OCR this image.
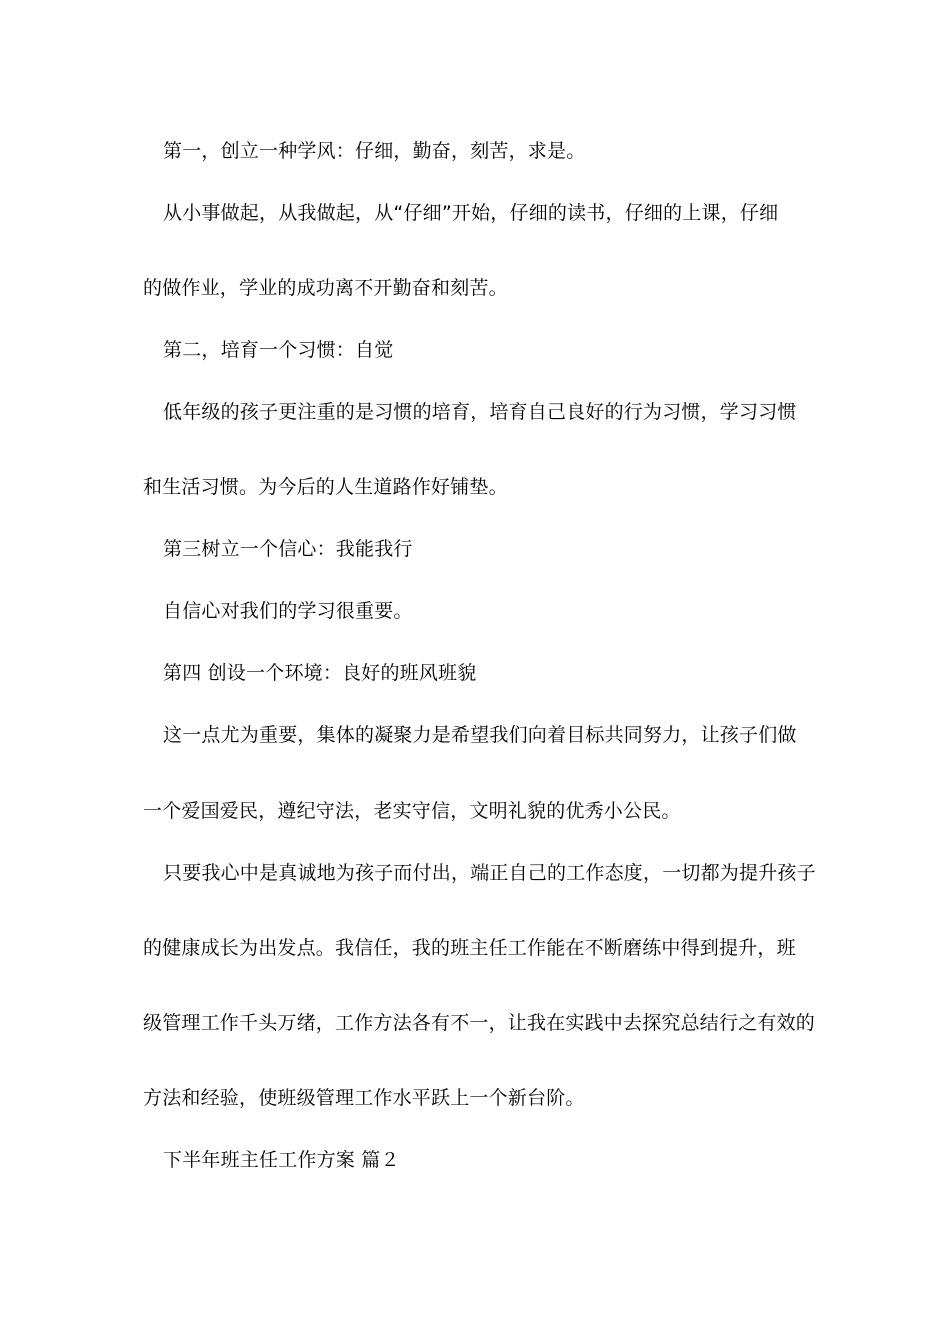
第一，创立一种学风：仔细，勤奋，刻苦，求是。
从小事做起，从我做起，从“仔细”开始，仔细的读书，仔细的上课，仔细
的做作业，学业的成功离不开勤奋和刻苦。
第二，培育一个习惯：自觉
低年级的孩子更注重的是习惯的培育，培育自己良好的行为习惯，学习习惯
和生活习惯。为今后的人生道路作好铺垫。
第三树立一个信心：我能我行
自信心对我们的学习很重要。
第四 创设一个环境：良好的班风班貌
这一点尤为重要，集体的凝聚力是希望我们向着目标共同努力，让孩子们做
一个爱国爱民，遵纪守法，老实守信，文明礼貌的优秀小公民。
只要我心中是真诚地为孩子而付出，端正自己的工作态度，一切都为提升孩子
的健康成长为出发点。我信任，我的班主任工作能在不断磨练中得到提升，班
级管理工作千头万绪，工作方法各有不一，让我在实践中去探究总结行之有效的
方法和经验，使班级管理工作水平跃上一个新台阶。
下半年班主任工作方案 篇２
